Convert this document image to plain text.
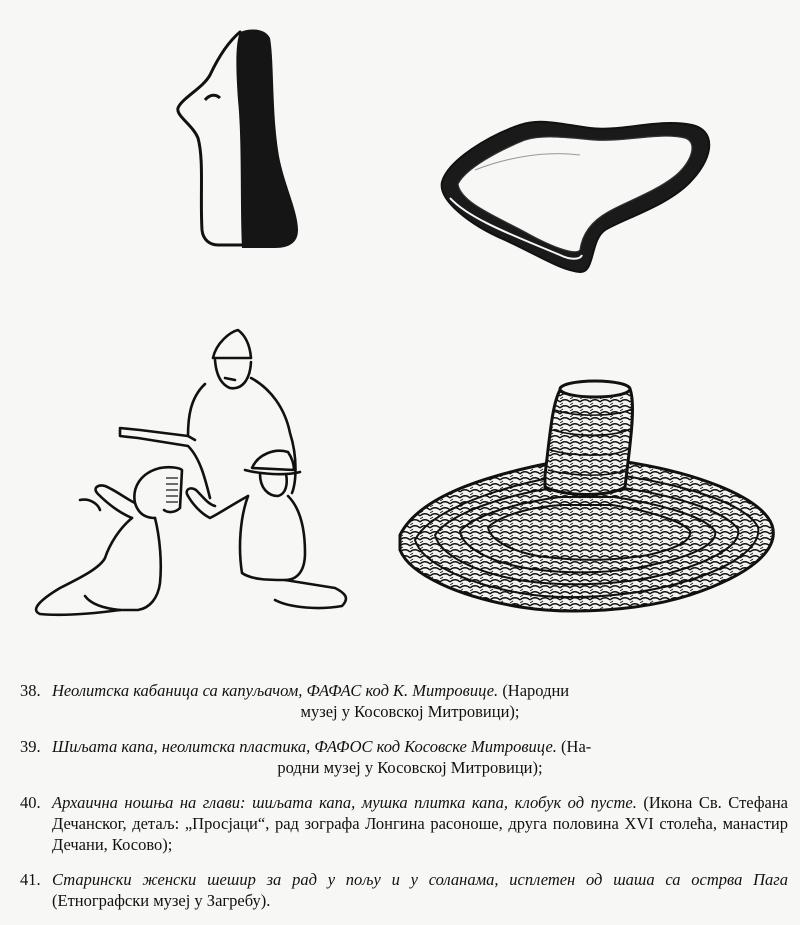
38. Неолитска кабаница са капуљачом, ФАФАС код К. Митровице. (Народни
музеј у Косовској Митровици);
39. Шиљата капа, неолитска пластика, ФАФОС код Косовске Митровице. (На-
родни музеј у Косовској Митровици);
40. Архаична ношња на глави: шиљата капа, мушка плитка капа, клобук од пусте. (Икона Св. Стефана Дечанског, детаљ: „Просјаци“, рад зографа Лонгина расоноше, друга половина XVI столећа, манастир Дечани, Косово);
41. Старински женски шешир за рад у пољу и у соланама, исплетен од шаша са острва Пага (Етнографски музеј у Загребу).
